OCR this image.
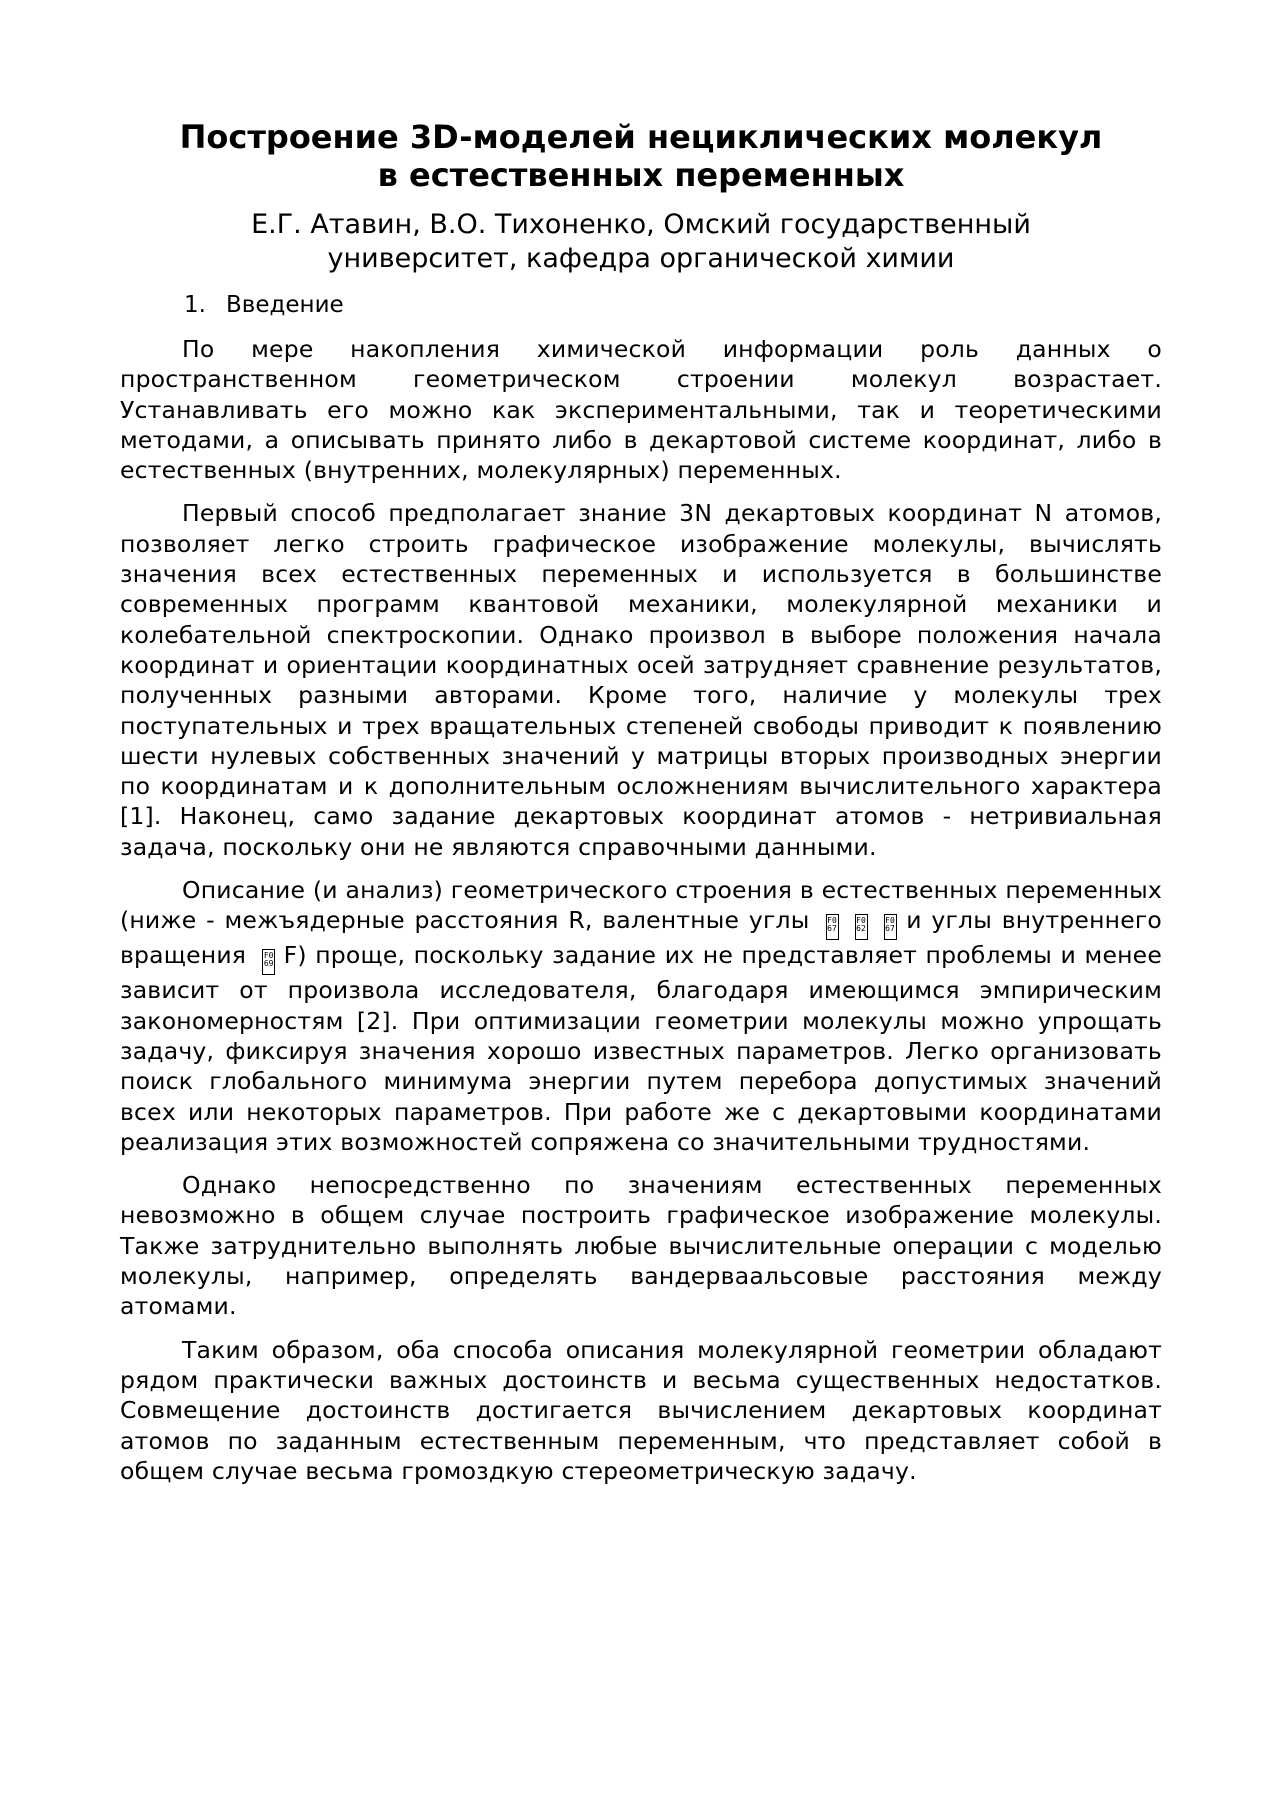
Построение 3D-моделей нециклических молекул
в естественных переменных
Е.Г. Атавин, В.О. Тихоненко, Омский государственный
университет, кафедра органической химии
1. Введение

По мере накопления химической информации роль данных о пространственном геометрическом строении молекул возрастает. Устанавливать его можно как экспериментальными, так и теоретическими методами, а описывать принято либо в декартовой системе координат, либо в естественных (внутренних, молекулярных) переменных.

Первый способ предполагает знание 3N декартовых координат N атомов, позволяет легко строить графическое изображение молекулы, вычислять значения всех естественных переменных и используется в большинстве современных программ квантовой механики, молекулярной механики и колебательной спектроскопии. Однако произвол в выборе положения начала координат и ориентации координатных осей затрудняет сравнение результатов, полученных разными авторами. Кроме того, наличие у молекулы трех поступательных и трех вращательных степеней свободы приводит к появлению шести нулевых собственных значений у матрицы вторых производных энергии по координатам и к дополнительным осложнениям вычислительного характера [1]. Наконец, само задание декартовых координат атомов - нетривиальная задача, поскольку они не являются справочными данными.

Описание (и анализ) геометрического строения в естественных переменных (ниже - межъядерные расстояния R, валентные углы F0 67F0 62F0 67 и углы внутреннего вращения F0 69 F) проще, поскольку задание их не представляет проблемы и менее зависит от произвола исследователя, благодаря имеющимся эмпирическим закономерностям [2]. При оптимизации геометрии молекулы можно упрощать задачу, фиксируя значения хорошо известных параметров. Легко организовать поиск глобального минимума энергии путем перебора допустимых значений всех или некоторых параметров. При работе же с декартовыми координатами реализация этих возможностей сопряжена со значительными трудностями.

Однако непосредственно по значениям естественных переменных невозможно в общем случае построить графическое изображение молекулы. Также затруднительно выполнять любые вычислительные операции с моделью молекулы, например, определять вандерваальсовые расстояния между атомами.

Таким образом, оба способа описания молекулярной геометрии обладают рядом практически важных достоинств и весьма существенных недостатков. Совмещение достоинств достигается вычислением декартовых координат атомов по заданным естественным переменным, что представляет собой в общем случае весьма громоздкую стереометрическую задачу.
